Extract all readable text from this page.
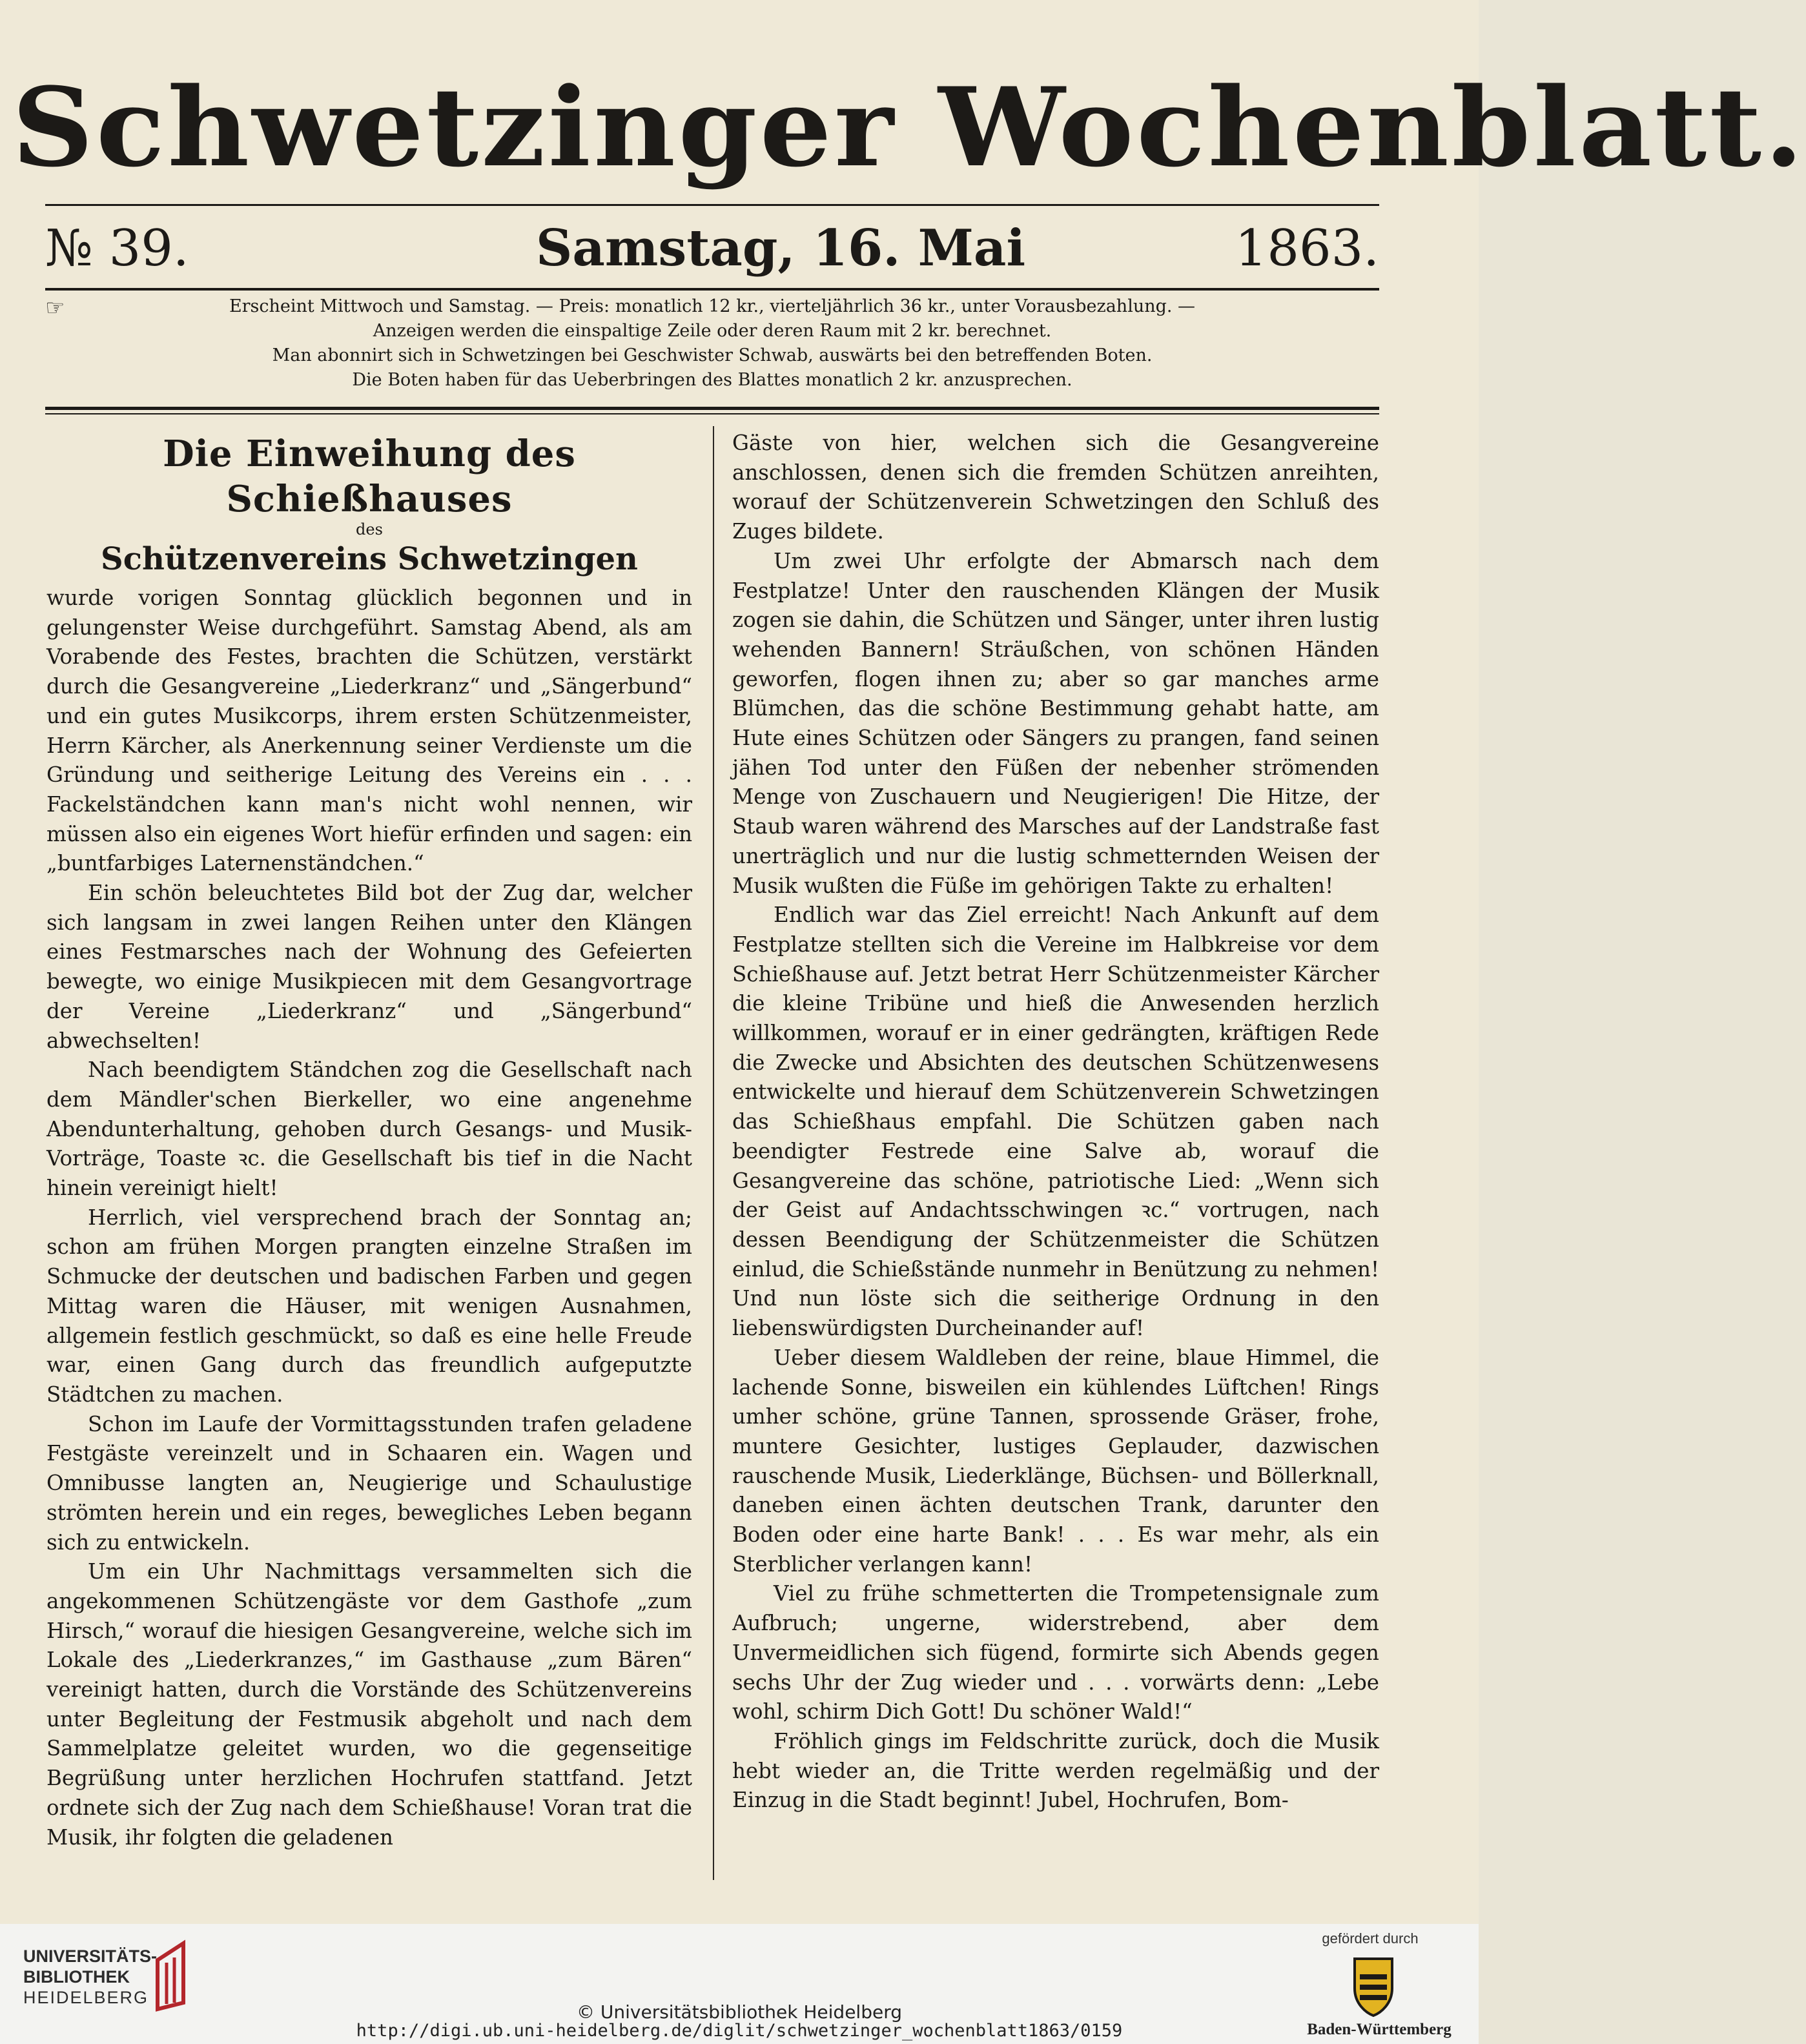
Schwetzinger Wochenblatt.
№ 39.	Samstag, 16. Mai	1863.
☞	Erscheint Mittwoch und Samstag. — Preis: monatlich 12 kr., vierteljährlich 36 kr., unter Vorausbezahlung. —
Anzeigen werden die einspaltige Zeile oder deren Raum mit 2 kr. berechnet.
Man abonnirt sich in Schwetzingen bei Geschwister Schwab, auswärts bei den betreffenden Boten.
Die Boten haben für das Ueberbringen des Blattes monatlich 2 kr. anzusprechen.
Die Einweihung des Schießhauses
des
Schützenvereins Schwetzingen

wurde vorigen Sonntag glücklich begonnen und in gelungenster Weise durchgeführt. Samstag Abend, als am Vorabende des Festes, brachten die Schützen, verstärkt durch die Gesangvereine „Liederkranz“ und „Sängerbund“ und ein gutes Musikcorps, ihrem ersten Schützenmeister, Herrn Kärcher, als Anerkennung seiner Verdienste um die Gründung und seitherige Leitung des Vereins ein . . . Fackelständchen kann man's nicht wohl nennen, wir müssen also ein eigenes Wort hiefür erfinden und sagen: ein „buntfarbiges Laternenständchen.“

Ein schön beleuchtetes Bild bot der Zug dar, welcher sich langsam in zwei langen Reihen unter den Klängen eines Festmarsches nach der Wohnung des Gefeierten bewegte, wo einige Musikpiecen mit dem Gesangvortrage der Vereine „Liederkranz“ und „Sängerbund“ abwechselten!

Nach beendigtem Ständchen zog die Gesellschaft nach dem Mändler'schen Bierkeller, wo eine angenehme Abendunterhaltung, gehoben durch Gesangs- und Musik-Vorträge, Toaste ꝛc. die Gesellschaft bis tief in die Nacht hinein vereinigt hielt!

Herrlich, viel versprechend brach der Sonntag an; schon am frühen Morgen prangten einzelne Straßen im Schmucke der deutschen und badischen Farben und gegen Mittag waren die Häuser, mit wenigen Ausnahmen, allgemein festlich geschmückt, so daß es eine helle Freude war, einen Gang durch das freundlich aufgeputzte Städtchen zu machen.

Schon im Laufe der Vormittagsstunden trafen geladene Festgäste vereinzelt und in Schaaren ein. Wagen und Omnibusse langten an, Neugierige und Schaulustige strömten herein und ein reges, bewegliches Leben begann sich zu entwickeln.

Um ein Uhr Nachmittags versammelten sich die angekommenen Schützengäste vor dem Gasthofe „zum Hirsch,“ worauf die hiesigen Gesangvereine, welche sich im Lokale des „Liederkranzes,“ im Gasthause „zum Bären“ vereinigt hatten, durch die Vorstände des Schützenvereins unter Begleitung der Festmusik abgeholt und nach dem Sammelplatze geleitet wurden, wo die gegenseitige Begrüßung unter herzlichen Hochrufen stattfand. Jetzt ordnete sich der Zug nach dem Schießhause! Voran trat die Musik, ihr folgten die geladenen

Gäste von hier, welchen sich die Gesangvereine anschlossen, denen sich die fremden Schützen anreihten, worauf der Schützenverein Schwetzingen den Schluß des Zuges bildete.

Um zwei Uhr erfolgte der Abmarsch nach dem Festplatze! Unter den rauschenden Klängen der Musik zogen sie dahin, die Schützen und Sänger, unter ihren lustig wehenden Bannern! Sträußchen, von schönen Händen geworfen, flogen ihnen zu; aber so gar manches arme Blümchen, das die schöne Bestimmung gehabt hatte, am Hute eines Schützen oder Sängers zu prangen, fand seinen jähen Tod unter den Füßen der nebenher strömenden Menge von Zuschauern und Neugierigen! Die Hitze, der Staub waren während des Marsches auf der Landstraße fast unerträglich und nur die lustig schmetternden Weisen der Musik wußten die Füße im gehörigen Takte zu erhalten!

Endlich war das Ziel erreicht! Nach Ankunft auf dem Festplatze stellten sich die Vereine im Halbkreise vor dem Schießhause auf. Jetzt betrat Herr Schützenmeister Kärcher die kleine Tribüne und hieß die Anwesenden herzlich willkommen, worauf er in einer gedrängten, kräftigen Rede die Zwecke und Absichten des deutschen Schützenwesens entwickelte und hierauf dem Schützenverein Schwetzingen das Schießhaus empfahl. Die Schützen gaben nach beendigter Festrede eine Salve ab, worauf die Gesangvereine das schöne, patriotische Lied: „Wenn sich der Geist auf Andachtsschwingen ꝛc.“ vortrugen, nach dessen Beendigung der Schützenmeister die Schützen einlud, die Schießstände nunmehr in Benützung zu nehmen! Und nun löste sich die seitherige Ordnung in den liebenswürdigsten Durcheinander auf!

Ueber diesem Waldleben der reine, blaue Himmel, die lachende Sonne, bisweilen ein kühlendes Lüftchen! Rings umher schöne, grüne Tannen, sprossende Gräser, frohe, muntere Gesichter, lustiges Geplauder, dazwischen rauschende Musik, Liederklänge, Büchsen- und Böllerknall, daneben einen ächten deutschen Trank, darunter den Boden oder eine harte Bank! . . . Es war mehr, als ein Sterblicher verlangen kann!

Viel zu frühe schmetterten die Trompetensignale zum Aufbruch; ungerne, widerstrebend, aber dem Unvermeidlichen sich fügend, formirte sich Abends gegen sechs Uhr der Zug wieder und . . . vorwärts denn: „Lebe wohl, schirm Dich Gott! Du schöner Wald!“

Fröhlich gings im Feldschritte zurück, doch die Musik hebt wieder an, die Tritte werden regelmäßig und der Einzug in die Stadt beginnt! Jubel, Hochrufen, Bom-

UNIVERSITÄTS-
BIBLIOTHEK
HEIDELBERG
© Universitätsbibliothek Heidelberg
http://digi.ub.uni-heidelberg.de/diglit/schwetzinger_wochenblatt1863/0159
gefördert durch
Baden-Württemberg
